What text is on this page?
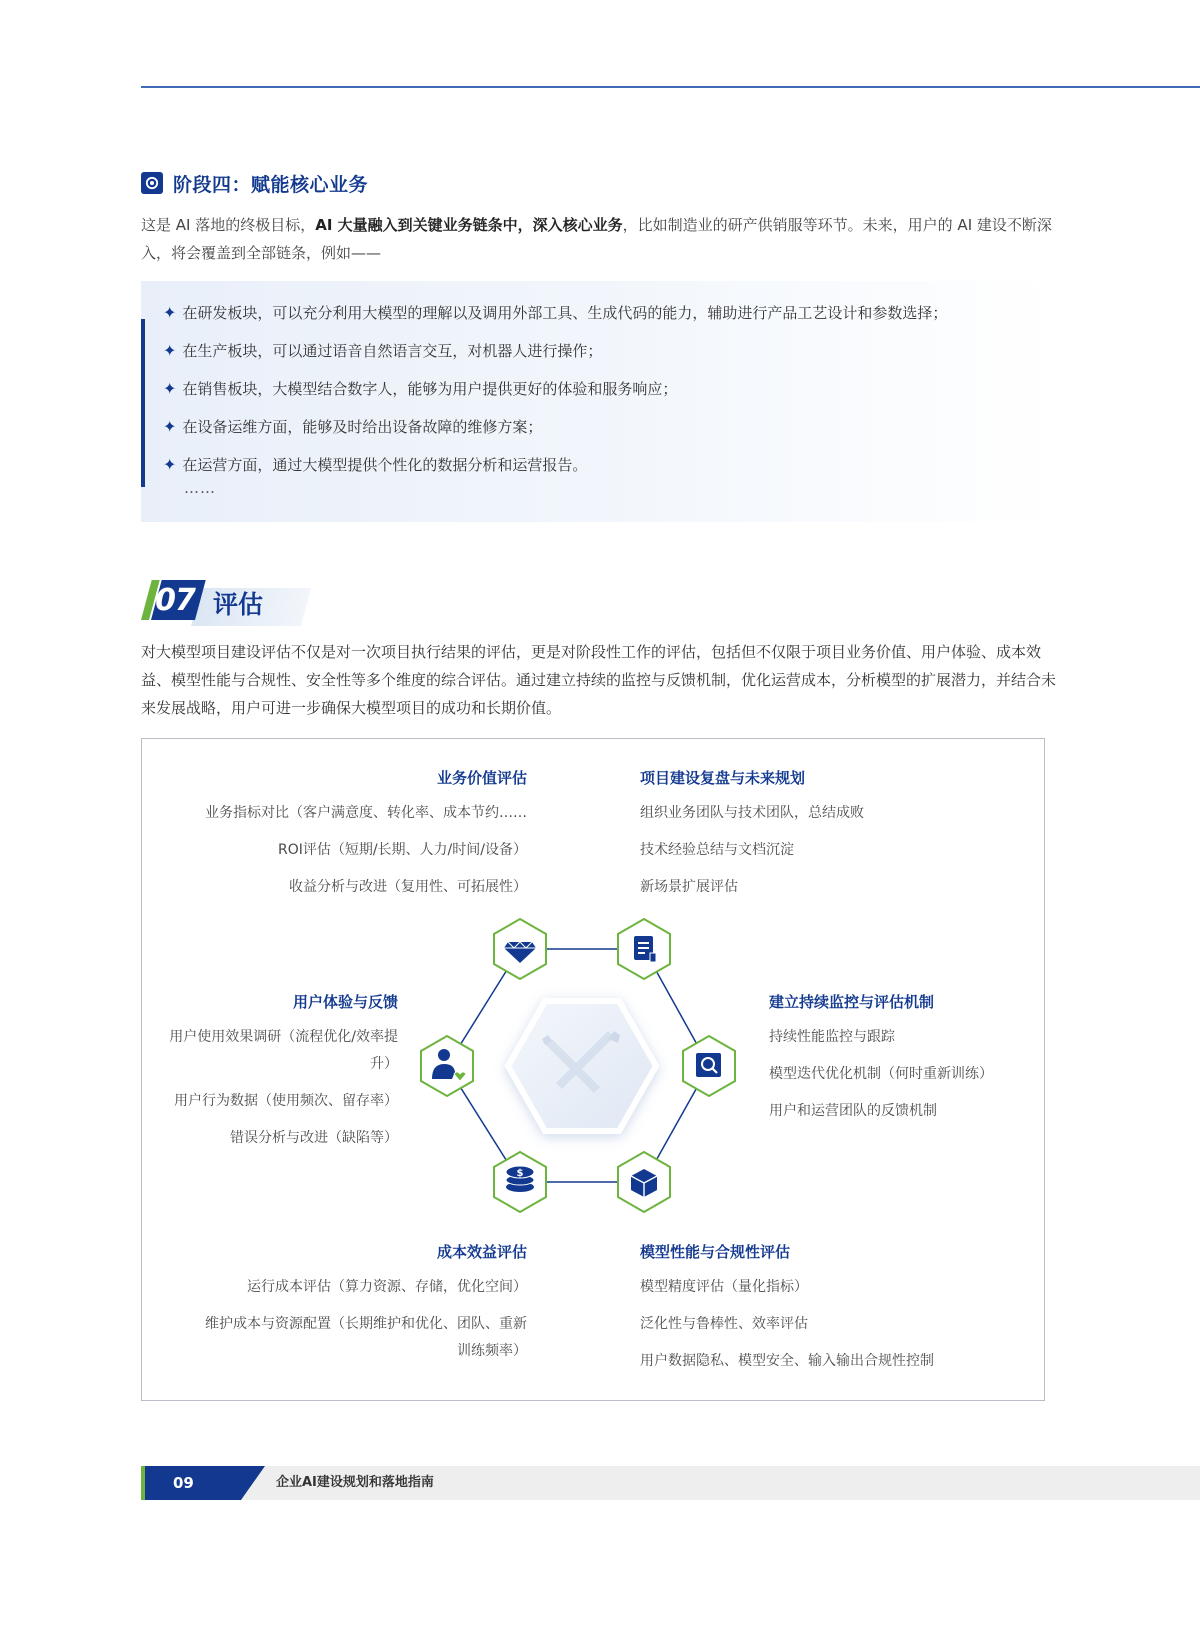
阶段四：赋能核心业务
这是 AI 落地的终极目标，AI 大量融入到关键业务链条中，深入核心业务，比如制造业的研产供销服等环节。未来，用户的 AI 建设不断深入，将会覆盖到全部链条，例如——
✦ 在研发板块，可以充分利用大模型的理解以及调用外部工具、生成代码的能力，辅助进行产品工艺设计和参数选择；
✦ 在生产板块，可以通过语音自然语言交互，对机器人进行操作；
✦ 在销售板块，大模型结合数字人，能够为用户提供更好的体验和服务响应；
✦ 在设备运维方面，能够及时给出设备故障的维修方案；
✦ 在运营方面，通过大模型提供个性化的数据分析和运营报告。
……
07 评估
对大模型项目建设评估不仅是对一次项目执行结果的评估，更是对阶段性工作的评估，包括但不仅限于项目业务价值、用户体验、成本效益、模型性能与合规性、安全性等多个维度的综合评估。通过建立持续的监控与反馈机制，优化运营成本，分析模型的扩展潜力，并结合未来发展战略，用户可进一步确保大模型项目的成功和长期价值。
$
业务价值评估
业务指标对比（客户满意度、转化率、成本节约……
ROI评估（短期/长期、人力/时间/设备）
收益分析与改进（复用性、可拓展性）
项目建设复盘与未来规划
组织业务团队与技术团队，总结成败
技术经验总结与文档沉淀
新场景扩展评估
用户体验与反馈
用户使用效果调研（流程优化/效率提升）
用户行为数据（使用频次、留存率）
错误分析与改进（缺陷等）
建立持续监控与评估机制
持续性能监控与跟踪
模型迭代优化机制（何时重新训练）
用户和运营团队的反馈机制
成本效益评估
运行成本评估（算力资源、存储，优化空间）
维护成本与资源配置（长期维护和优化、团队、重新训练频率）
模型性能与合规性评估
模型精度评估（量化指标）
泛化性与鲁棒性、效率评估
用户数据隐私、模型安全、输入输出合规性控制
09	企业AI建设规划和落地指南
